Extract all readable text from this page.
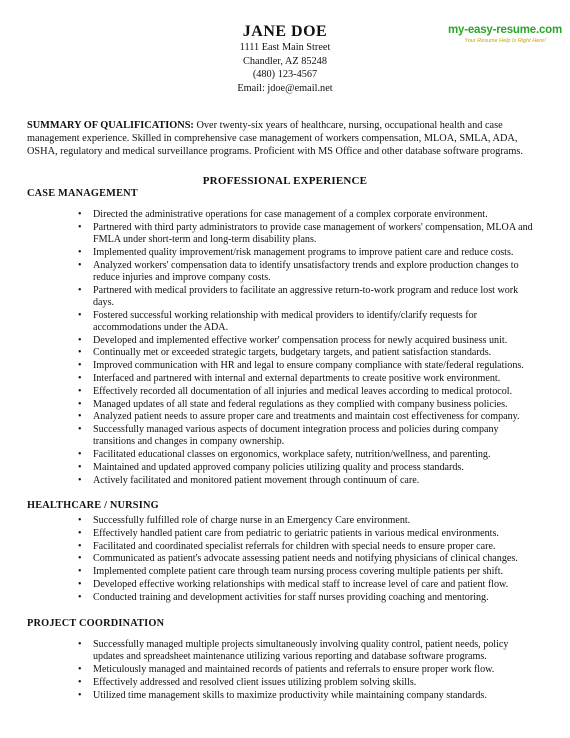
JANE DOE
1111 East Main Street
Chandler, AZ 85248
(480) 123-4567
Email: jdoe@email.net
my-easy-resume.com
Your Resume Help Is Right Here!
SUMMARY OF QUALIFICATIONS: Over twenty-six years of healthcare, nursing, occupational health and case management experience. Skilled in comprehensive case management of workers compensation, MLOA, SMLA, ADA, OSHA, regulatory and medical surveillance programs. Proficient with MS Office and other database software programs.
PROFESSIONAL EXPERIENCE
CASE MANAGEMENT
• Directed the administrative operations for case management of a complex corporate environment.
• Partnered with third party administrators to provide case management of workers' compensation, MLOA and FMLA under short-term and long-term disability plans.
• Implemented quality improvement/risk management programs to improve patient care and reduce costs.
• Analyzed workers' compensation data to identify unsatisfactory trends and explore production changes to reduce injuries and improve company costs.
• Partnered with medical providers to facilitate an aggressive return-to-work program and reduce lost work days.
• Fostered successful working relationship with medical providers to identify/clarify requests for accommodations under the ADA.
• Developed and implemented effective worker' compensation process for newly acquired business unit.
• Continually met or exceeded strategic targets, budgetary targets, and patient satisfaction standards.
• Improved communication with HR and legal to ensure company compliance with state/federal regulations.
• Interfaced and partnered with internal and external departments to create positive work environment.
• Effectively recorded all documentation of all injuries and medical leaves according to medical protocol.
• Managed updates of all state and federal regulations as they complied with company business policies.
• Analyzed patient needs to assure proper care and treatments and maintain cost effectiveness for company.
• Successfully managed various aspects of document integration process and policies during company transitions and changes in company ownership.
• Facilitated educational classes on ergonomics, workplace safety, nutrition/wellness, and parenting.
• Maintained and updated approved company policies utilizing quality and process standards.
• Actively facilitated and monitored patient movement through continuum of care.
HEALTHCARE / NURSING
• Successfully fulfilled role of charge nurse in an Emergency Care environment.
• Effectively handled patient care from pediatric to geriatric patients in various medical environments.
• Facilitated and coordinated specialist referrals for children with special needs to ensure proper care.
• Communicated as patient's advocate assessing patient needs and notifying physicians of clinical changes.
• Implemented complete patient care through team nursing process covering multiple patients per shift.
• Developed effective working relationships with medical staff to increase level of care and patient flow.
• Conducted training and development activities for staff nurses providing coaching and mentoring.
PROJECT COORDINATION
• Successfully managed multiple projects simultaneously involving quality control, patient needs, policy updates and spreadsheet maintenance utilizing various reporting and database software programs.
• Meticulously managed and maintained records of patients and referrals to ensure proper work flow.
• Effectively addressed and resolved client issues utilizing problem solving skills.
• Utilized time management skills to maximize productivity while maintaining company standards.
